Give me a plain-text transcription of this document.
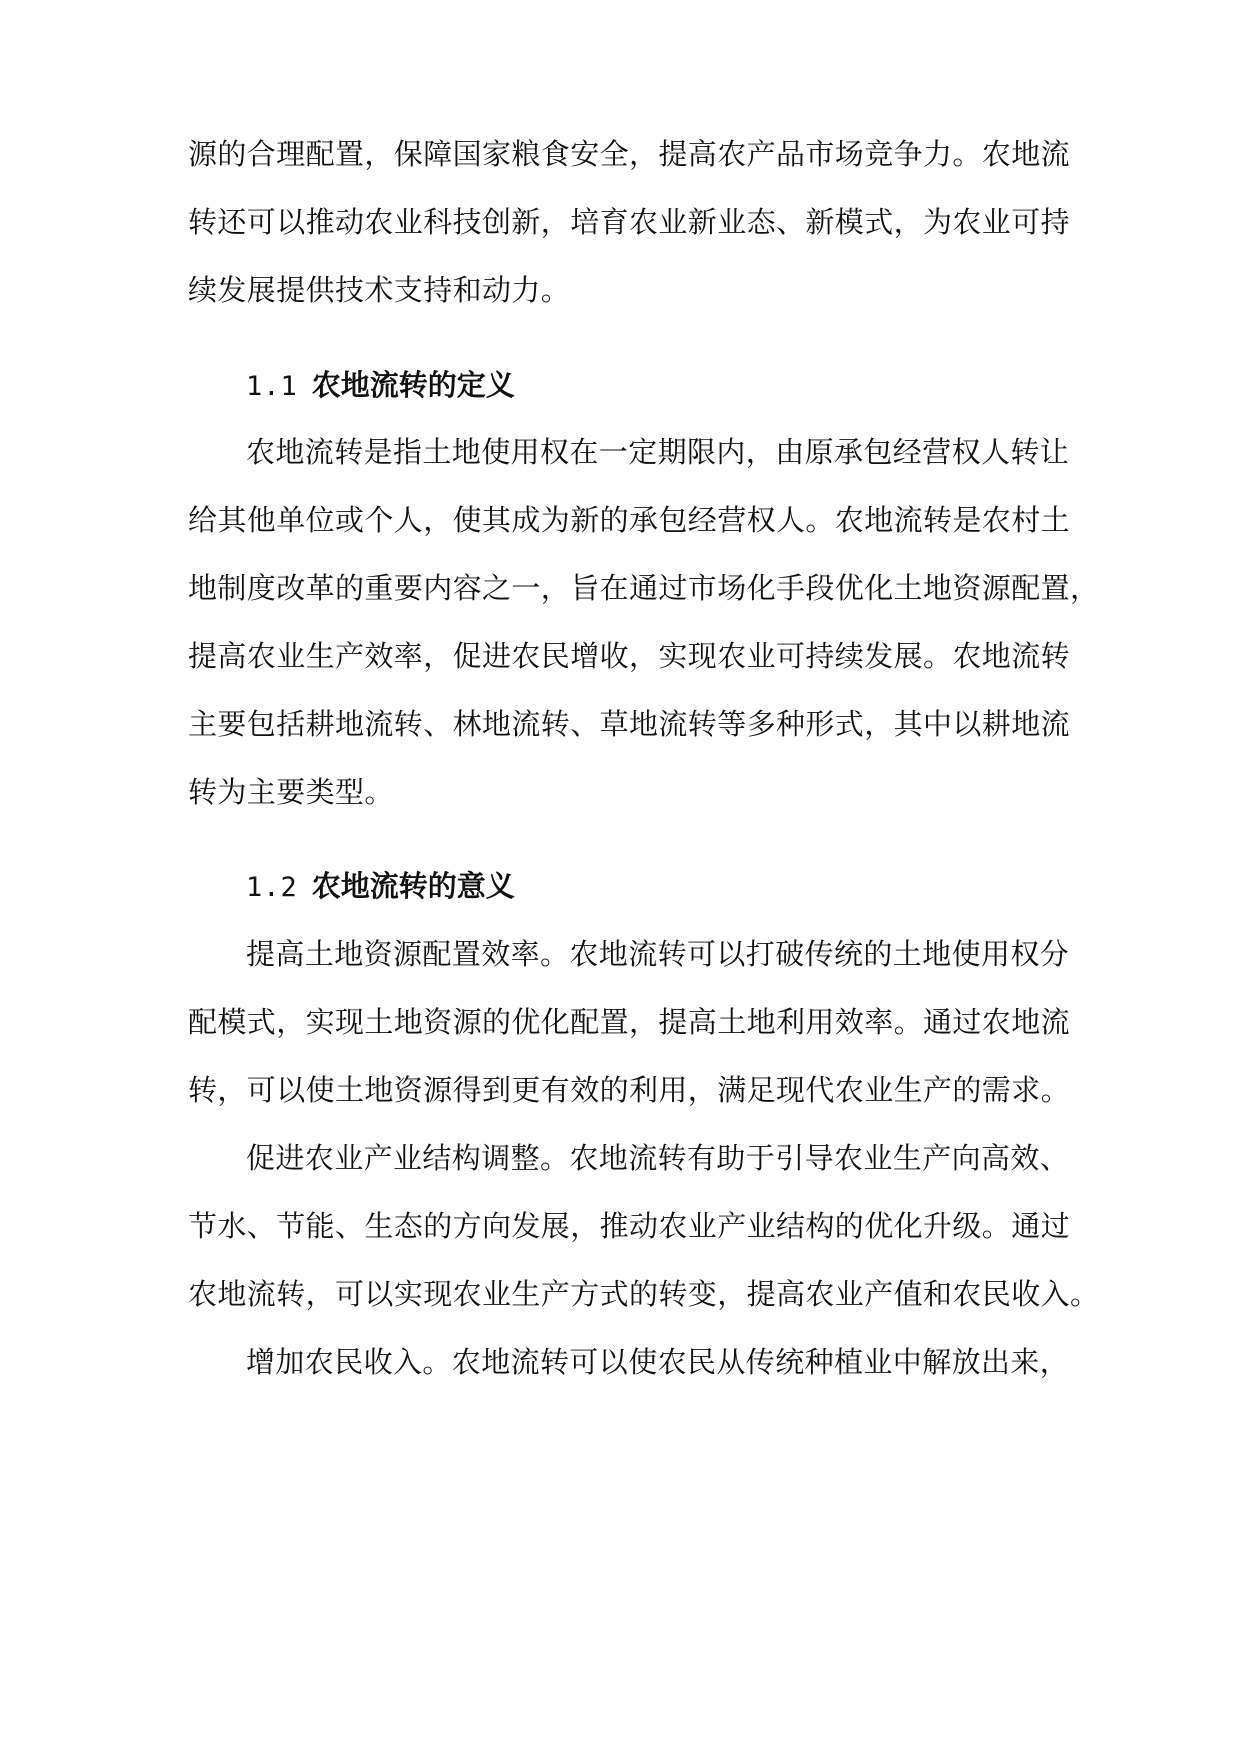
源的合理配置，保障国家粮食安全，提高农产品市场竞争力。农地流
转还可以推动农业科技创新，培育农业新业态、新模式，为农业可持
续发展提供技术支持和动力。
1.1 农地流转的定义
农地流转是指土地使用权在一定期限内，由原承包经营权人转让
给其他单位或个人，使其成为新的承包经营权人。农地流转是农村土
地制度改革的重要内容之一，旨在通过市场化手段优化土地资源配置，
提高农业生产效率，促进农民增收，实现农业可持续发展。农地流转
主要包括耕地流转、林地流转、草地流转等多种形式，其中以耕地流
转为主要类型。
1.2 农地流转的意义
提高土地资源配置效率。农地流转可以打破传统的土地使用权分
配模式，实现土地资源的优化配置，提高土地利用效率。通过农地流
转，可以使土地资源得到更有效的利用，满足现代农业生产的需求。
促进农业产业结构调整。农地流转有助于引导农业生产向高效、
节水、节能、生态的方向发展，推动农业产业结构的优化升级。通过
农地流转，可以实现农业生产方式的转变，提高农业产值和农民收入。
增加农民收入。农地流转可以使农民从传统种植业中解放出来，
